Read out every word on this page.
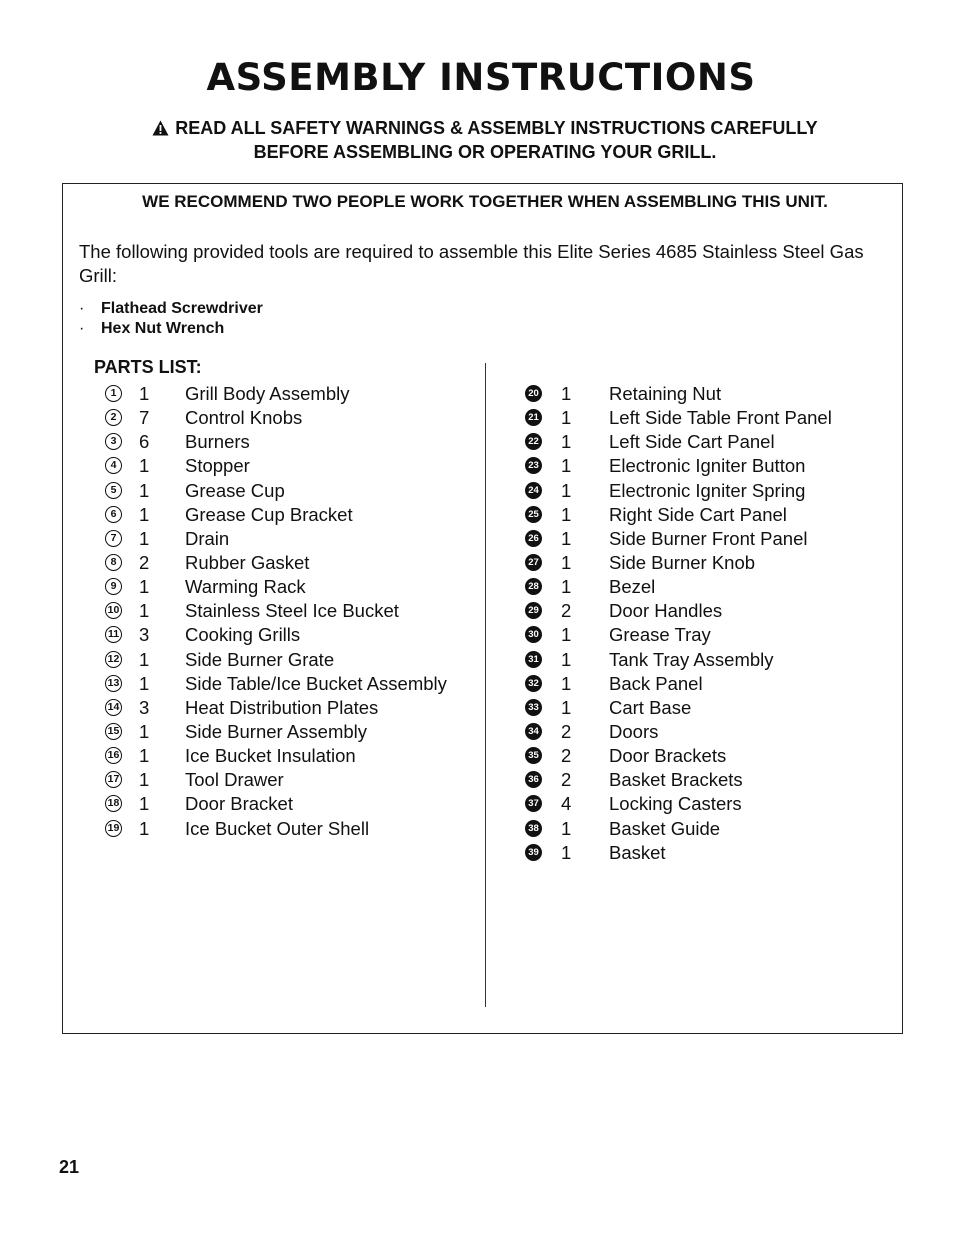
ASSEMBLY INSTRUCTIONS
READ ALL SAFETY WARNINGS & ASSEMBLY INSTRUCTIONS CAREFULLY
BEFORE ASSEMBLING OR OPERATING YOUR GRILL.
WE RECOMMEND TWO PEOPLE WORK TOGETHER WHEN ASSEMBLING THIS UNIT.
The following provided tools are required to assemble this Elite Series 4685 Stainless Steel Gas Grill:
· Flathead Screwdriver
· Hex Nut Wrench
PARTS LIST:
1	1 Grill Body Assembly
2	7 Control Knobs
3	6 Burners
4	1 Stopper
5	1 Grease Cup
6	1 Grease Cup Bracket
7	1 Drain
8	2 Rubber Gasket
9	1 Warming Rack
10 1 Stainless Steel Ice Bucket
11 3 Cooking Grills
12 1 Side Burner Grate
13 1 Side Table/Ice Bucket Assembly
14 3 Heat Distribution Plates
15 1 Side Burner Assembly
16 1 Ice Bucket Insulation
17 1 Tool Drawer
18 1 Door Bracket
19 1 Ice Bucket Outer Shell
20 1 Retaining Nut
21 1 Left Side Table Front Panel
22 1 Left Side Cart Panel
23 1 Electronic Igniter Button
24 1 Electronic Igniter Spring
25 1 Right Side Cart Panel
26 1 Side Burner Front Panel
27 1 Side Burner Knob
28 1 Bezel
29 2 Door Handles
30 1 Grease Tray
31 1 Tank Tray Assembly
32 1 Back Panel
33 1 Cart Base
34 2 Doors
35 2 Door Brackets
36 2 Basket Brackets
37 4 Locking Casters
38 1 Basket Guide
39 1 Basket
21
